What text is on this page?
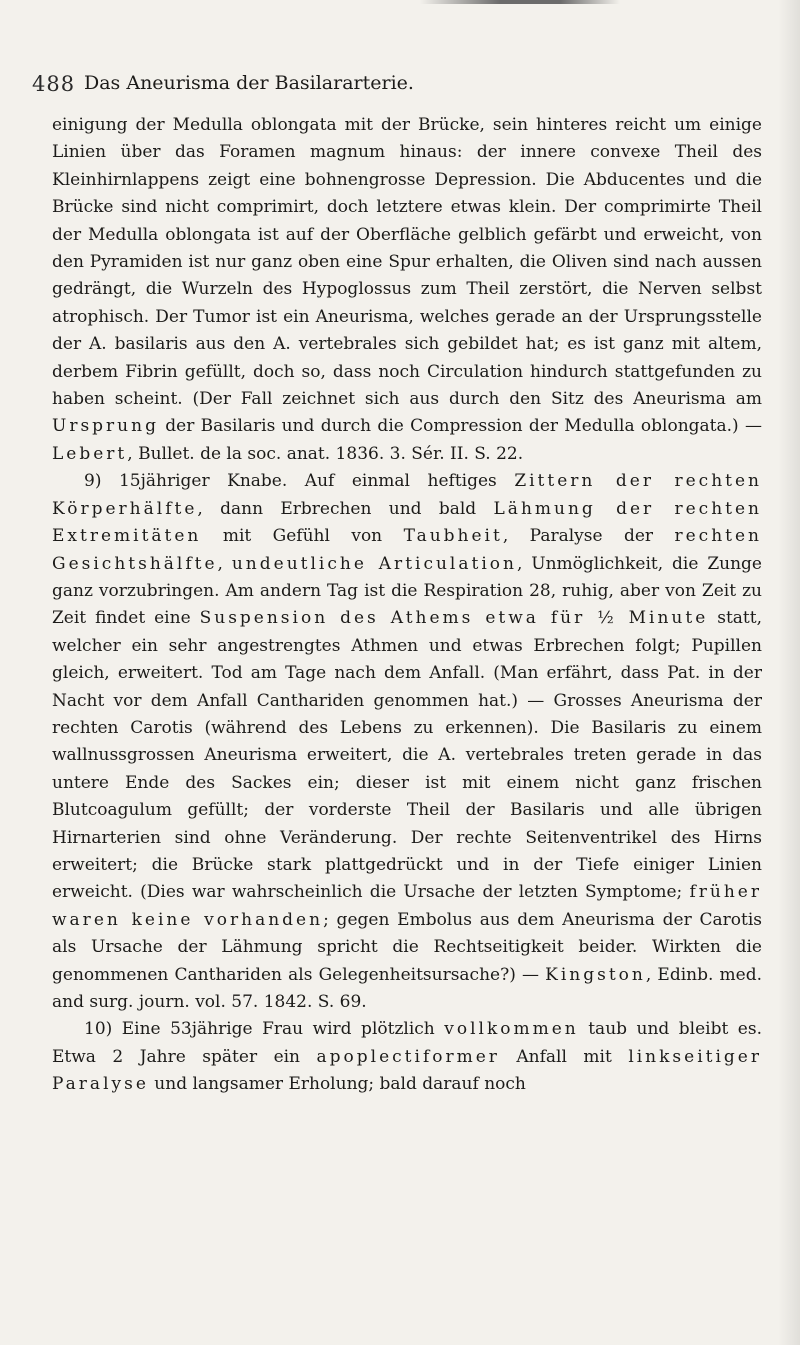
488 Das Aneurisma der Basilararterie.

einigung der Medulla oblongata mit der Brücke, sein hinteres reicht um einige Linien über das Foramen magnum hinaus: der innere convexe Theil des Kleinhirnlappens zeigt eine bohnengrosse Depression. Die Abducentes und die Brücke sind nicht comprimirt, doch letztere etwas klein. Der comprimirte Theil der Medulla oblongata ist auf der Oberfläche gelblich gefärbt und erweicht, von den Pyramiden ist nur ganz oben eine Spur erhalten, die Oliven sind nach aussen gedrängt, die Wurzeln des Hypoglossus zum Theil zerstört, die Nerven selbst atrophisch. Der Tumor ist ein Aneurisma, welches gerade an der Ursprungsstelle der A. basilaris aus den A. vertebrales sich gebildet hat; es ist ganz mit altem, derbem Fibrin gefüllt, doch so, dass noch Circulation hindurch stattgefunden zu haben scheint. (Der Fall zeichnet sich aus durch den Sitz des Aneurisma am Ursprung der Basilaris und durch die Compression der Medulla oblongata.) — Lebert, Bullet. de la soc. anat. 1836. 3. Sér. II. S. 22.

9) 15jähriger Knabe. Auf einmal heftiges Zittern der rechten Körperhälfte, dann Erbrechen und bald Lähmung der rechten Extremitäten mit Gefühl von Taubheit, Paralyse der rechten Gesichtshälfte, undeutliche Articulation, Unmöglichkeit, die Zunge ganz vorzubringen. Am andern Tag ist die Respiration 28, ruhig, aber von Zeit zu Zeit findet eine Suspension des Athems etwa für ½ Minute statt, welcher ein sehr angestrengtes Athmen und etwas Erbrechen folgt; Pupillen gleich, erweitert. Tod am Tage nach dem Anfall. (Man erfährt, dass Pat. in der Nacht vor dem Anfall Canthariden genommen hat.) — Grosses Aneurisma der rechten Carotis (während des Lebens zu erkennen). Die Basilaris zu einem wallnussgrossen Aneurisma erweitert, die A. vertebrales treten gerade in das untere Ende des Sackes ein; dieser ist mit einem nicht ganz frischen Blutcoagulum gefüllt; der vorderste Theil der Basilaris und alle übrigen Hirnarterien sind ohne Veränderung. Der rechte Seitenventrikel des Hirns erweitert; die Brücke stark plattgedrückt und in der Tiefe einiger Linien erweicht. (Dies war wahrscheinlich die Ursache der letzten Symptome; früher waren keine vorhanden; gegen Embolus aus dem Aneurisma der Carotis als Ursache der Lähmung spricht die Rechtseitigkeit beider. Wirkten die genommenen Canthariden als Gelegenheitsursache?) — Kingston, Edinb. med. and surg. journ. vol. 57. 1842. S. 69.

10) Eine 53jährige Frau wird plötzlich vollkommen taub und bleibt es. Etwa 2 Jahre später ein apoplectiformer Anfall mit linkseitiger Paralyse und langsamer Erholung; bald darauf noch
